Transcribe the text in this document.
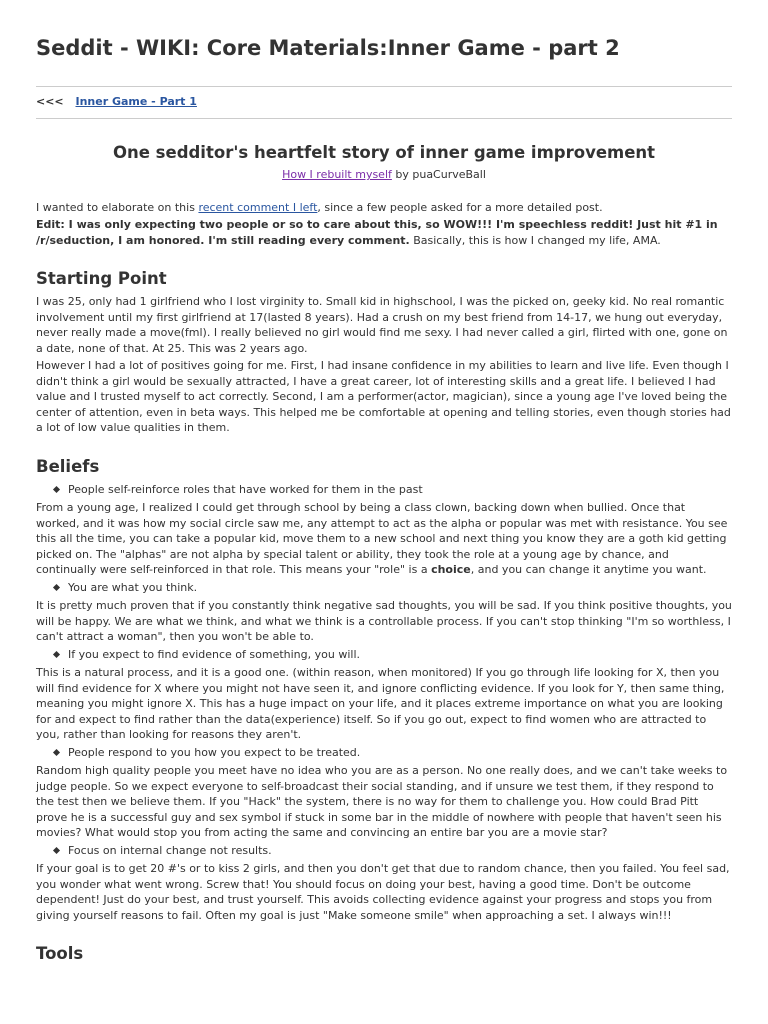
Seddit - WIKI: Core Materials:Inner Game - part 2
<<< Inner Game - Part 1
One sedditor's heartfelt story of inner game improvement
How I rebuilt myself by puaCurveBall

I wanted to elaborate on this recent comment I left, since a few people asked for a more detailed post.

Edit: I was only expecting two people or so to care about this, so WOW!!! I'm speechless reddit! Just hit #1 in /r/seduction, I am honored. I'm still reading every comment. Basically, this is how I changed my life, AMA.

Starting Point

I was 25, only had 1 girlfriend who I lost virginity to. Small kid in highschool, I was the picked on, geeky kid. No real romantic involvement until my first girlfriend at 17(lasted 8 years). Had a crush on my best friend from 14-17, we hung out everyday, never really made a move(fml). I really believed no girl would find me sexy. I had never called a girl, flirted with one, gone on a date, none of that. At 25. This was 2 years ago.

However I had a lot of positives going for me. First, I had insane confidence in my abilities to learn and live life. Even though I didn't think a girl would be sexually attracted, I have a great career, lot of interesting skills and a great life. I believed I had value and I trusted myself to act correctly. Second, I am a performer(actor, magician), since a young age I've loved being the center of attention, even in beta ways. This helped me be comfortable at opening and telling stories, even though stories had a lot of low value qualities in them.

Beliefs
People self-reinforce roles that have worked for them in the past

From a young age, I realized I could get through school by being a class clown, backing down when bullied. Once that worked, and it was how my social circle saw me, any attempt to act as the alpha or popular was met with resistance. You see this all the time, you can take a popular kid, move them to a new school and next thing you know they are a goth kid getting picked on. The "alphas" are not alpha by special talent or ability, they took the role at a young age by chance, and continually were self-reinforced in that role. This means your "role" is a choice, and you can change it anytime you want.

You are what you think.

It is pretty much proven that if you constantly think negative sad thoughts, you will be sad. If you think positive thoughts, you will be happy. We are what we think, and what we think is a controllable process. If you can't stop thinking "I'm so worthless, I can't attract a woman", then you won't be able to.

If you expect to find evidence of something, you will.

This is a natural process, and it is a good one. (within reason, when monitored) If you go through life looking for X, then you will find evidence for X where you might not have seen it, and ignore conflicting evidence. If you look for Y, then same thing, meaning you might ignore X. This has a huge impact on your life, and it places extreme importance on what you are looking for and expect to find rather than the data(experience) itself. So if you go out, expect to find women who are attracted to you, rather than looking for reasons they aren't.

People respond to you how you expect to be treated.

Random high quality people you meet have no idea who you are as a person. No one really does, and we can't take weeks to judge people. So we expect everyone to self-broadcast their social standing, and if unsure we test them, if they respond to the test then we believe them. If you "Hack" the system, there is no way for them to challenge you. How could Brad Pitt prove he is a successful guy and sex symbol if stuck in some bar in the middle of nowhere with people that haven't seen his movies? What would stop you from acting the same and convincing an entire bar you are a movie star?

Focus on internal change not results.

If your goal is to get 20 #'s or to kiss 2 girls, and then you don't get that due to random chance, then you failed. You feel sad, you wonder what went wrong. Screw that! You should focus on doing your best, having a good time. Don't be outcome dependent! Just do your best, and trust yourself. This avoids collecting evidence against your progress and stops you from giving yourself reasons to fail. Often my goal is just "Make someone smile" when approaching a set. I always win!!!

Tools
